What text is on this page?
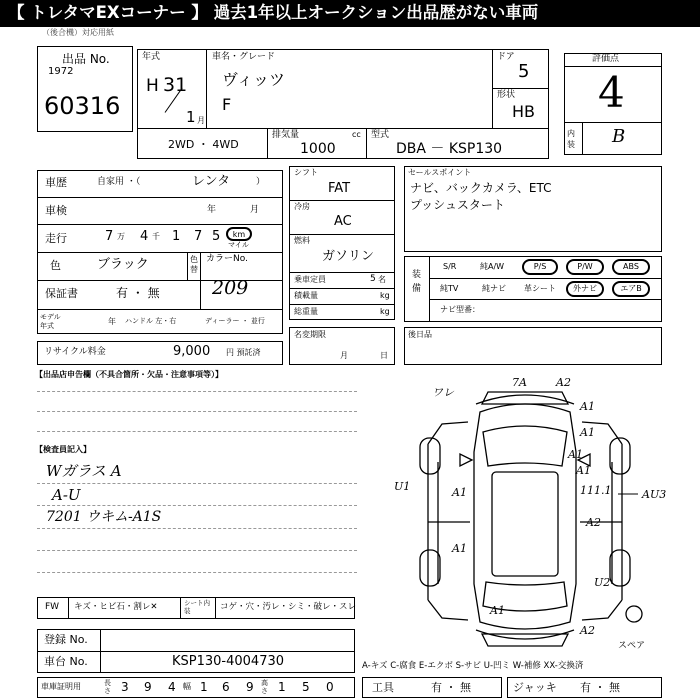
【 トレタマEXコーナー 】 過去1年以上オークション出品歴がない車両
（後合機）対応用紙
出品 No.
1972
60316
年式
H 31
1 月
車名・グレード
ヴィッツ
F
ドア
5
形状
HB
2WD ・ 4WD
排気量	cc
1000
型式
DBA － KSP130
評価点
4
内装 B
車歴	自家用 ・（	レンタ	）
車検	年	月
走行	7 万 4 千 1 7 5	km
マイル
色	ブラック	色替
カラーNo.
209
保証書	有 ・ 無
モデル年式	年 ハンドル 左・右	ディーラー ・ 並行
リサイクル料金	9,000 円 預託済
シフト
FAT
冷房
AC
燃料
ガソリン
乗車定員	5 名
積載量	kg
総重量	kg
名変期限
月	日
セールスポイント
ナビ、バックカメラ、ETC
プッシュスタート
装備
S/R	純A/W	P/S	P/W	ABS
純TV	純ナビ 革シート	外ナビ	エアB
ナビ型番：
後日品
【出品店申告欄（不具合箇所・欠品・注意事項等）】
【検査員記入】
Wガラス A
A-U
7201 ウキム-A1S
FW キズ・ヒビ石・割レ✕	シート内装	コゲ・穴・汚レ・シミ・破レ・スレ
登録 No.
車台 No.	KSP130-4004730
車庫証明用	長さ 3 9 4 幅 1 6 9 高さ 1 5 0
A-キズ C-腐食 E-エクボ S-サビ U-凹ミ W-補修 XX-交換済
工具	有 ・ 無	ジャッキ 有 ・ 無
ワレ
7A	A2
A1
A1
A1
A1
U1	A1
A1
111.1	AU3
A2
U2
A1
A2
スペア
